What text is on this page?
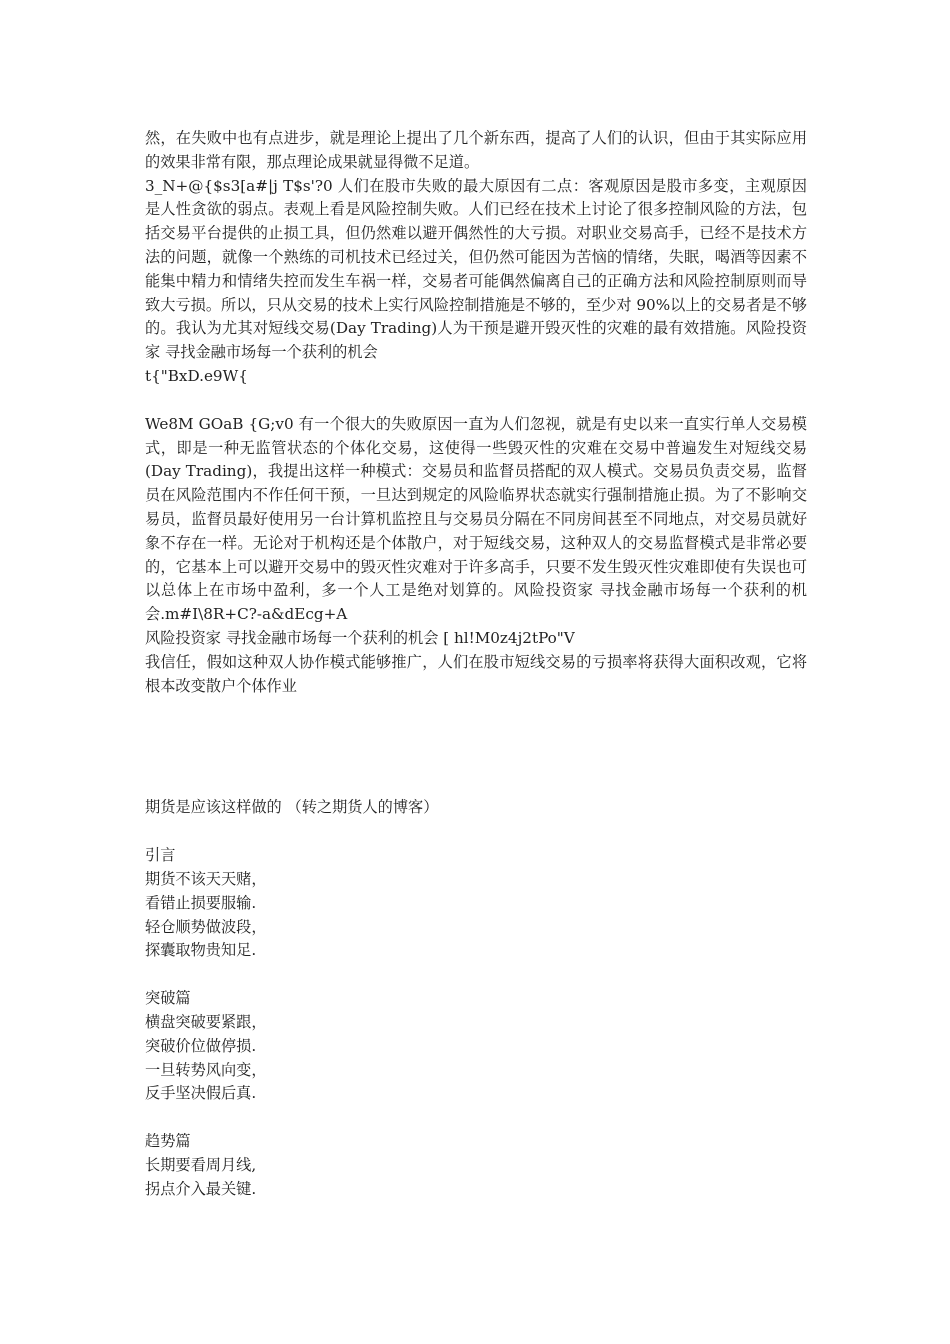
然，在失败中也有点进步，就是理论上提出了几个新东西，提高了人们的认识，但由于其实际应用的效果非常有限，那点理论成果就显得微不足道。

3_N+@{$s3[a#|j T$s'?0 人们在股市失败的最大原因有二点：客观原因是股市多变，主观原因是人性贪欲的弱点。表观上看是风险控制失败。人们已经在技术上讨论了很多控制风险的方法，包括交易平台提供的止损工具，但仍然难以避开偶然性的大亏损。对职业交易高手，已经不是技术方法的问题，就像一个熟练的司机技术已经过关，但仍然可能因为苦恼的情绪，失眠，喝酒等因素不能集中精力和情绪失控而发生车祸一样，交易者可能偶然偏离自己的正确方法和风险控制原则而导致大亏损。所以，只从交易的技术上实行风险控制措施是不够的，至少对 90%以上的交易者是不够的。我认为尤其对短线交易(Day Trading)人为干预是避开毁灭性的灾难的最有效措施。风险投资家 寻找金融市场每一个获利的机会

t{"BxD.e9W{

We8M GOaB {G;v0 有一个很大的失败原因一直为人们忽视，就是有史以来一直实行单人交易模式，即是一种无监管状态的个体化交易，这使得一些毁灭性的灾难在交易中普遍发生对短线交易(Day Trading)，我提出这样一种模式：交易员和监督员搭配的双人模式。交易员负责交易，监督员在风险范围内不作任何干预，一旦达到规定的风险临界状态就实行强制措施止损。为了不影响交易员，监督员最好使用另一台计算机监控且与交易员分隔在不同房间甚至不同地点，对交易员就好象不存在一样。无论对于机构还是个体散户，对于短线交易，这种双人的交易监督模式是非常必要的，它基本上可以避开交易中的毁灭性灾难对于许多高手，只要不发生毁灭性灾难即使有失误也可以总体上在市场中盈利，多一个人工是绝对划算的。风险投资家 寻找金融市场每一个获利的机会.m#I\8R+C?-a&dEcg+A

风险投资家 寻找金融市场每一个获利的机会 [ hl!M0z4j2tPo"V

我信任，假如这种双人协作模式能够推广，人们在股市短线交易的亏损率将获得大面积改观，它将根本改变散户个体作业

期货是应该这样做的 （转之期货人的博客）

引言
期货不该天天赌，
看错止损要服输.
轻仓顺势做波段，
探囊取物贵知足.
突破篇
横盘突破要紧跟，
突破价位做停损.
一旦转势风向变，
反手坚决假后真.
趋势篇
长期要看周月线,
拐点介入最关键.
